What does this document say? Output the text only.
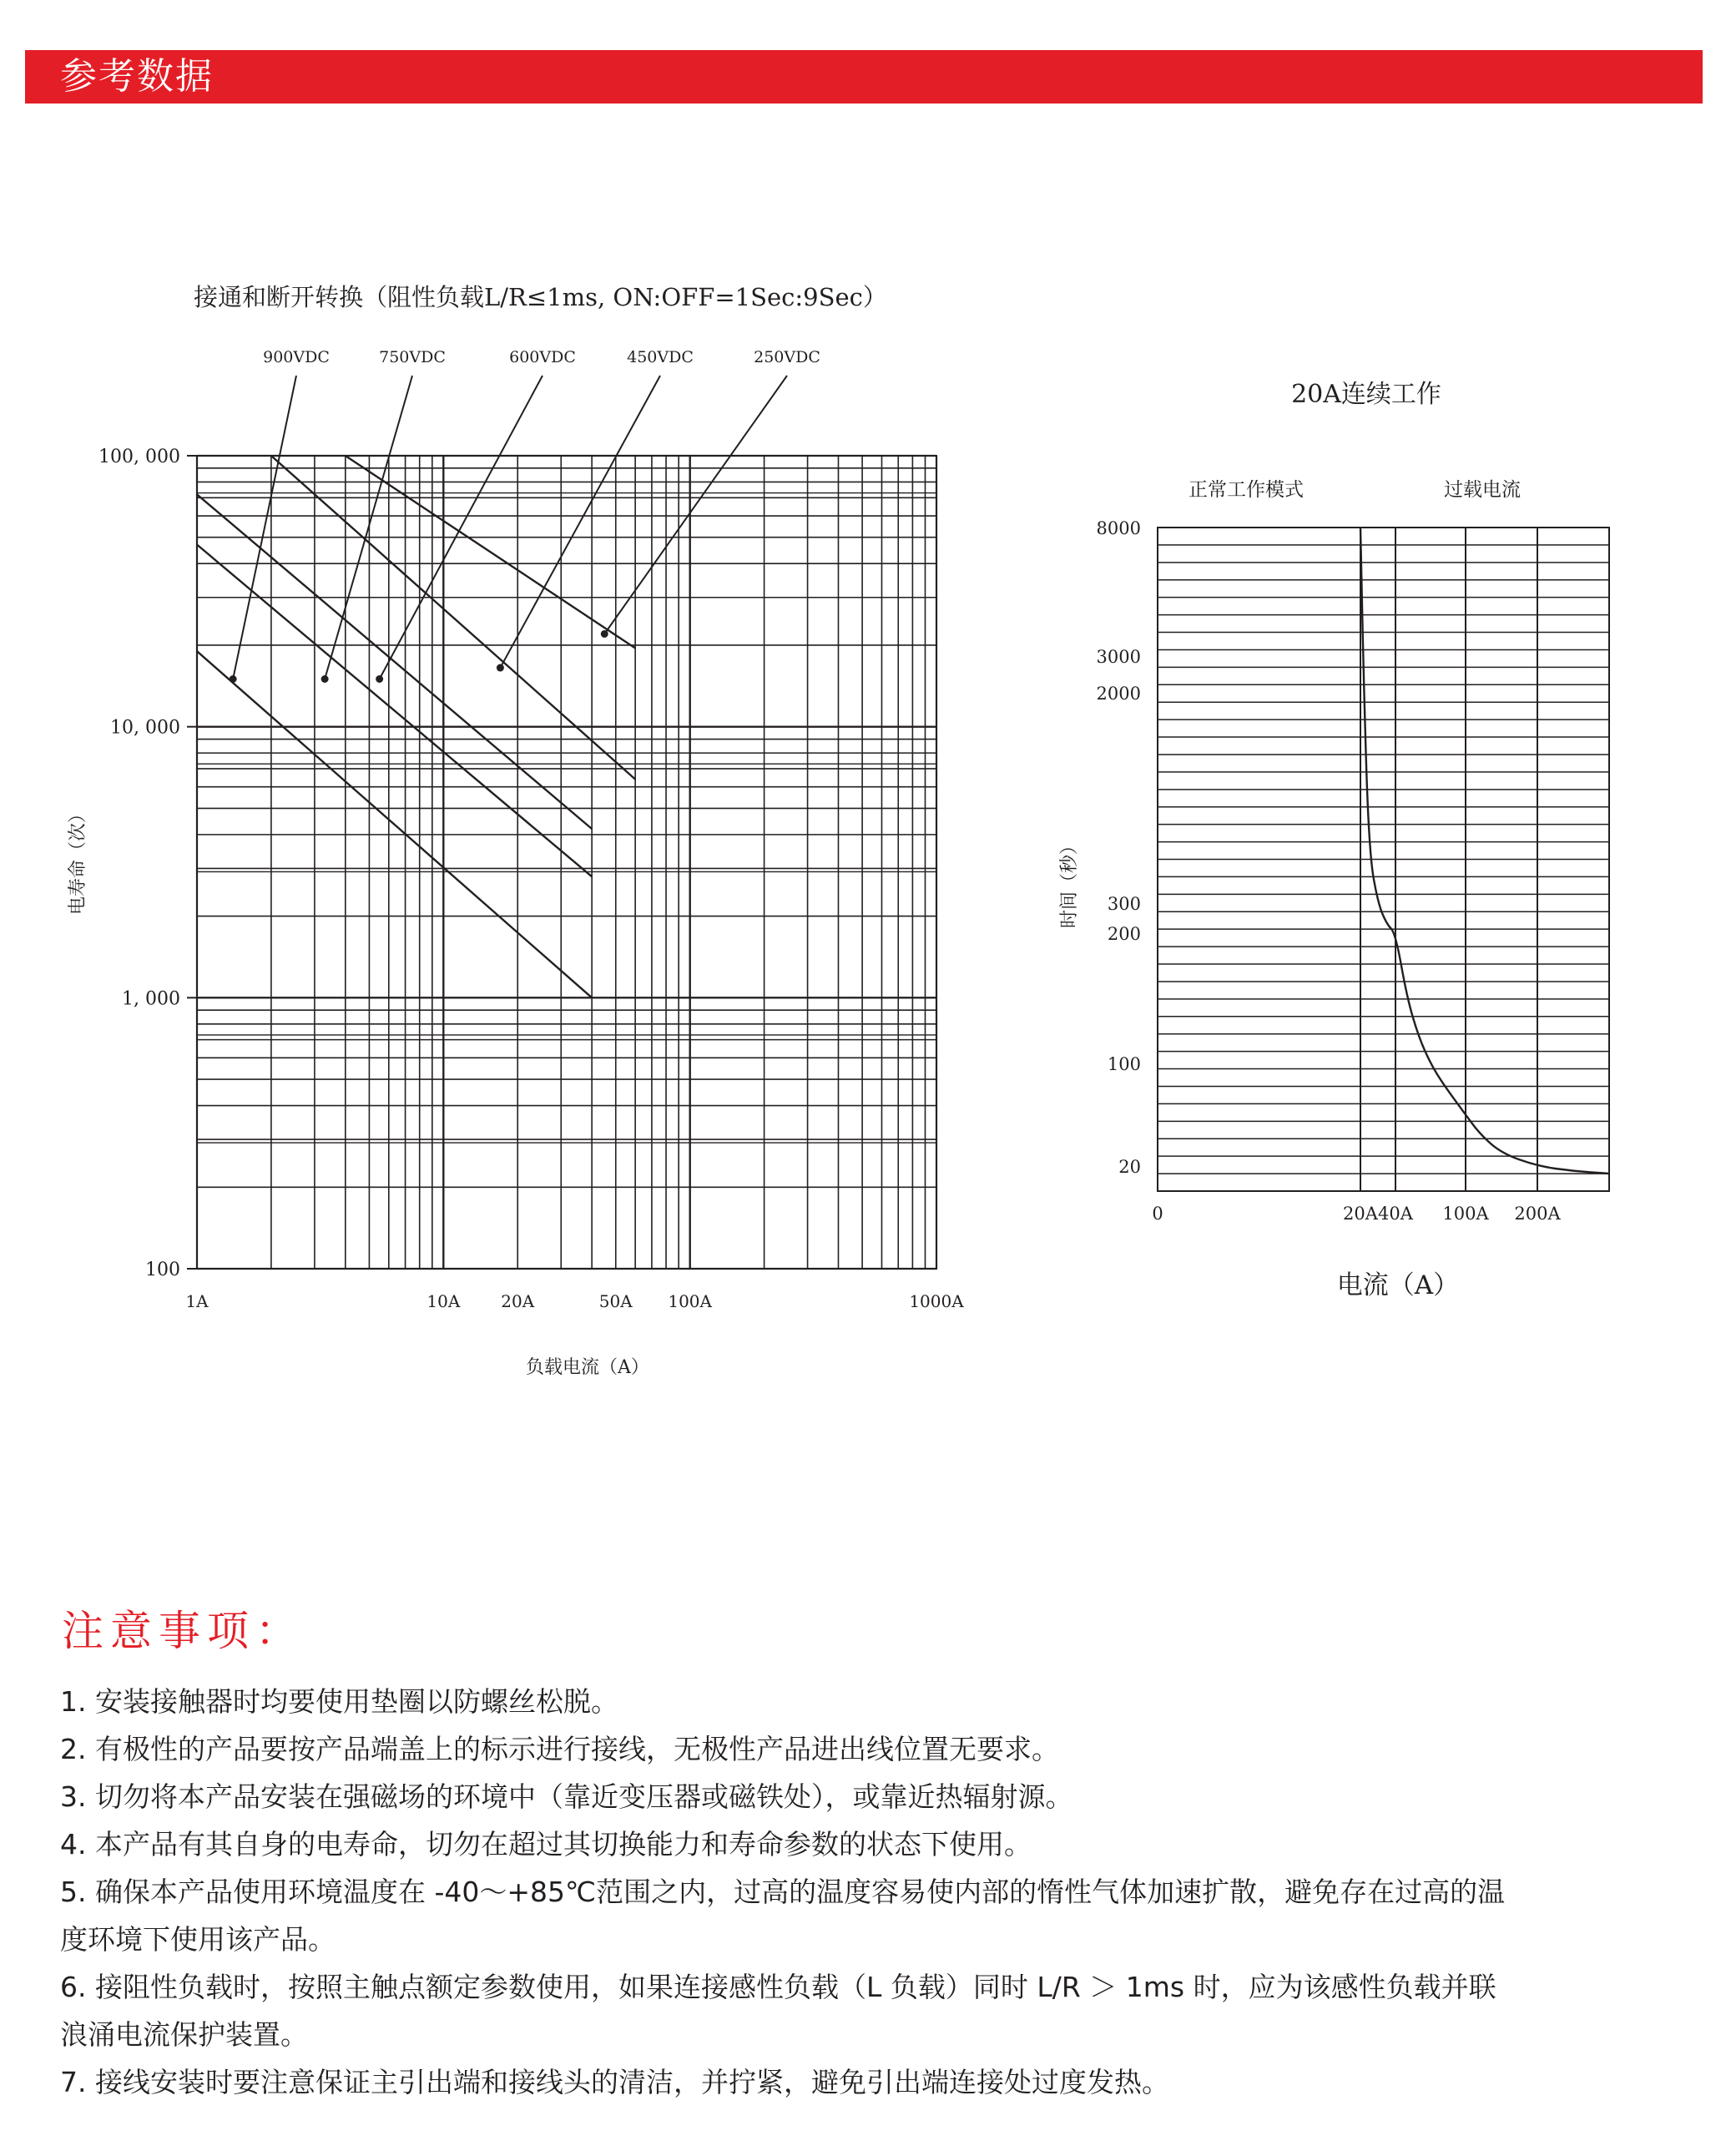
参考数据
接通和断开转换（阻性负载L/R≤1ms, ON:OFF=1Sec:9Sec）
900VDC	750VDC	600VDC	450VDC	250VDC
100
1, 000
10, 000
100, 000
1A	10A 20A	50A 100A	1000A
负载电流（A）
电寿命（次）
20A连续工作
正常工作模式	过载电流
20
100
200
300
2000
3000
8000
0	20A 40A 100A 200A
电流（A）
时间（秒）
注意事项：
1. 安装接触器时均要使用垫圈以防螺丝松脱。
2. 有极性的产品要按产品端盖上的标示进行接线，无极性产品进出线位置无要求。
3. 切勿将本产品安装在强磁场的环境中（靠近变压器或磁铁处），或靠近热辐射源。
4. 本产品有其自身的电寿命，切勿在超过其切换能力和寿命参数的状态下使用。
5. 确保本产品使用环境温度在 -40～+85℃范围之内，过高的温度容易使内部的惰性气体加速扩散，避免存在过高的温
度环境下使用该产品。
6. 接阻性负载时，按照主触点额定参数使用，如果连接感性负载（L 负载）同时 L/R ＞ 1ms 时，应为该感性负载并联
浪涌电流保护装置。
7. 接线安装时要注意保证主引出端和接线头的清洁，并拧紧，避免引出端连接处过度发热。
